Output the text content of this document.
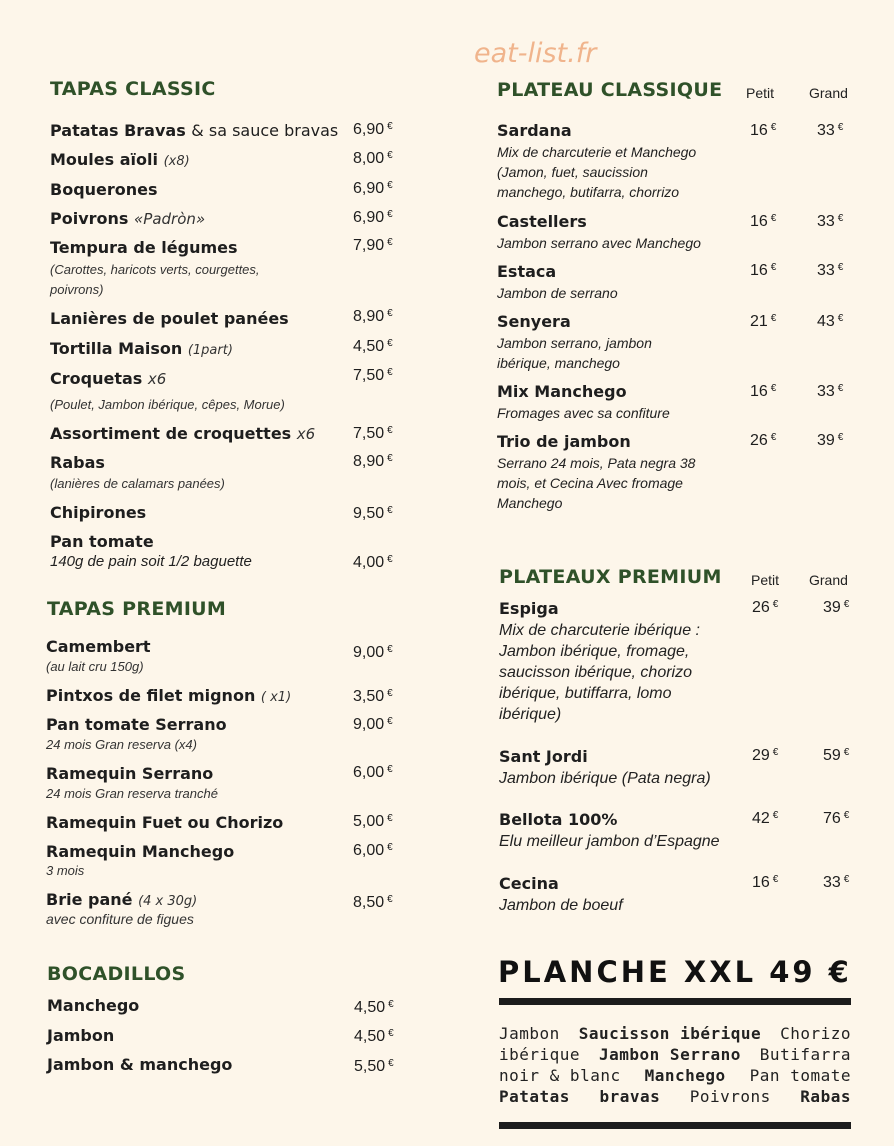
eat-list.fr
TAPAS CLASSIC
Patatas Bravas & sa sauce bravas 6,90 €
Moules aïoli (x8)	8,00 €
Boquerones	6,90 €
Poivrons «Padròn»	6,90 €
Tempura de légumes
(Carottes, haricots verts, courgettes,
poivrons)
7,90 €
Lanières de poulet panées	8,90 €
Tortilla Maison (1part)	4,50 €
Croquetas x6
(Poulet, Jambon ibérique, cêpes, Morue)
7,50 €
Assortiment de croquettes x6 7,50 €
Rabas
(lanières de calamars panées)
8,90 €
Chipirones	9,50 €
Pan tomate
140g de pain soit 1/2 baguette	4,00 €
TAPAS PREMIUM
Camembert
(au lait cru 150g)
9,00 €
Pintxos de filet mignon ( x1)	3,50 €
Pan tomate Serrano
24 mois Gran reserva (x4)
9,00 €
Ramequin Serrano
24 mois Gran reserva tranché
6,00 €
Ramequin Fuet ou Chorizo	5,00 €
Ramequin Manchego
3 mois
6,00 €
Brie pané (4 x 30g)
avec confiture de figues
8,50 €
BOCADILLOS
Manchego	4,50 €
Jambon	4,50 €
Jambon & manchego	5,50 €
PLATEAU CLASSIQUE Petit Grand
Sardana
Mix de charcuterie et Manchego
(Jamon, fuet, saucission
manchego, butifarra, chorrizo
16 €	33 €
Castellers
Jambon serrano avec Manchego
16 €	33 €
Estaca
Jambon de serrano
16 €	33 €
Senyera
Jambon serrano, jambon
ibérique, manchego
21 €	43 €
Mix Manchego
Fromages avec sa confiture
16 €	33 €
Trio de jambon
Serrano 24 mois, Pata negra 38
mois, et Cecina Avec fromage
Manchego
26 €	39 €
PLATEAUX PREMIUM Petit Grand
Espiga
Mix de charcuterie ibérique :
Jambon ibérique, fromage,
saucisson ibérique, chorizo
ibérique, butiffarra, lomo
ibérique)
26 €	39 €
Sant Jordi
Jambon ibérique (Pata negra)
29 €	59 €
Bellota 100%
Elu meilleur jambon d’Espagne
42 €	76 €
Cecina
Jambon de boeuf
16 €	33 €
PLANCHE XXL 49 €
Jambon Saucisson ibérique Chorizo
ibérique Jambon Serrano Butifarra
noir & blanc Manchego Pan tomate
Patatas bravas Poivrons Rabas
